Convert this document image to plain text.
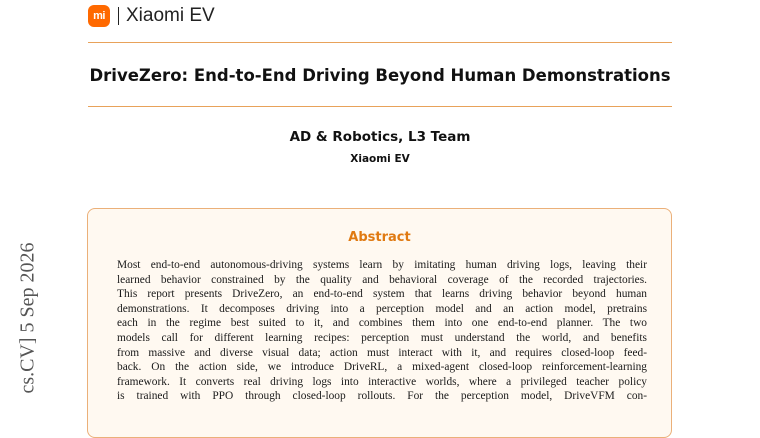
mi Xiaomi EV
DriveZero: End-to-End Driving Beyond Human Demonstrations
AD & Robotics, L3 Team
Xiaomi EV
cs.CV] 5 Sep 2026
Abstract
Most end-to-end autonomous-driving systems learn by imitating human driving logs, leaving their
learned behavior constrained by the quality and behavioral coverage of the recorded trajectories.
This report presents DriveZero, an end-to-end system that learns driving behavior beyond human
demonstrations. It decomposes driving into a perception model and an action model, pretrains
each in the regime best suited to it, and combines them into one end-to-end planner. The two
models call for different learning recipes: perception must understand the world, and benefits
from massive and diverse visual data; action must interact with it, and requires closed-loop feed-
back. On the action side, we introduce DriveRL, a mixed-agent closed-loop reinforcement-learning
framework. It converts real driving logs into interactive worlds, where a privileged teacher policy
is trained with PPO through closed-loop rollouts. For the perception model, DriveVFM con-
